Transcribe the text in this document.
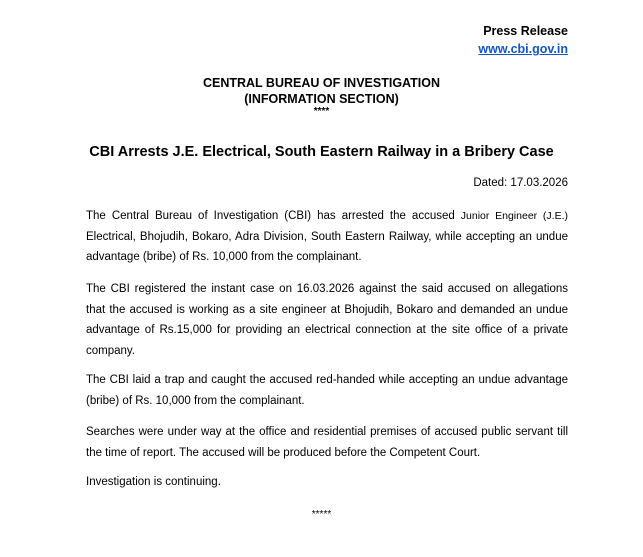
Press Release
www.cbi.gov.in
CENTRAL BUREAU OF INVESTIGATION
(INFORMATION SECTION)
****
CBI Arrests J.E. Electrical, South Eastern Railway in a Bribery Case
Dated: 17.03.2026

The Central Bureau of Investigation (CBI) has arrested the accused Junior Engineer (J.E.) Electrical, Bhojudih, Bokaro, Adra Division, South Eastern Railway, while accepting an undue advantage (bribe) of Rs. 10,000 from the complainant.

The CBI registered the instant case on 16.03.2026 against the said accused on allegations that the accused is working as a site engineer at Bhojudih, Bokaro and demanded an undue advantage of Rs.15,000 for providing an electrical connection at the site office of a private company.

The CBI laid a trap and caught the accused red-handed while accepting an undue advantage (bribe) of Rs. 10,000 from the complainant.

Searches were under way at the office and residential premises of accused public servant till the time of report. The accused will be produced before the Competent Court.

Investigation is continuing.

*****
